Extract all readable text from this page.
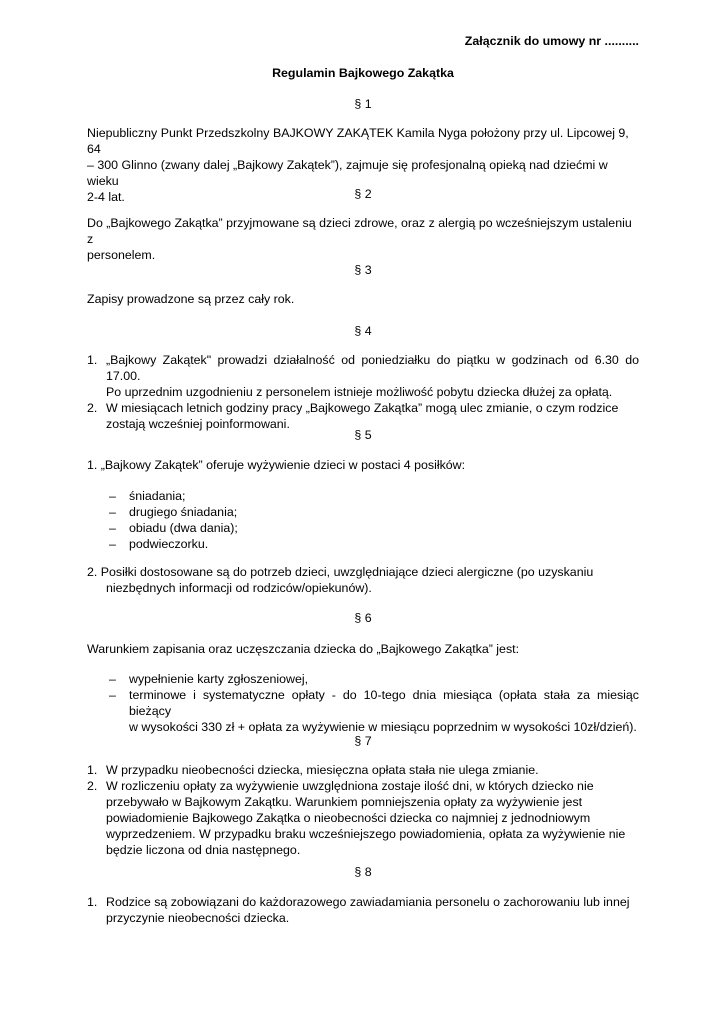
Załącznik do umowy nr ..........
Regulamin Bajkowego Zakątka
§ 1
Niepubliczny Punkt Przedszkolny BAJKOWY ZAKĄTEK Kamila Nyga położony przy ul. Lipcowej 9, 64
– 300 Glinno (zwany dalej „Bajkowy Zakątek”), zajmuje się profesjonalną opieką nad dziećmi w wieku
2-4 lat.	§ 2
Do „Bajkowego Zakątka” przyjmowane są dzieci zdrowe, oraz z alergią po wcześniejszym ustaleniu z
personelem.
§ 3
Zapisy prowadzone są przez cały rok.
§ 4
1. „Bajkowy Zakątek" prowadzi działalność od poniedziałku do piątku w godzinach od 6.30 do 17.00.
Po uprzednim uzgodnieniu z personelem istnieje możliwość pobytu dziecka dłużej za opłatą.
2. W miesiącach letnich godziny pracy „Bajkowego Zakątka” mogą ulec zmianie, o czym rodzice
zostają wcześniej poinformowani.
§ 5
1. „Bajkowy Zakątek” oferuje wyżywienie dzieci w postaci 4 posiłków:
– śniadania;
– drugiego śniadania;
– obiadu (dwa dania);
– podwieczorku.
2. Posiłki dostosowane są do potrzeb dzieci, uwzględniające dzieci alergiczne (po uzyskaniu
niezbędnych informacji od rodziców/opiekunów).
§ 6
Warunkiem zapisania oraz uczęszczania dziecka do „Bajkowego Zakątka” jest:
– wypełnienie karty zgłoszeniowej,
– terminowe i systematyczne opłaty - do 10-tego dnia miesiąca (opłata stała za miesiąc bieżący
w wysokości 330 zł + opłata za wyżywienie w miesiącu poprzednim w wysokości 10zł/dzień).
§ 7
1. W przypadku nieobecności dziecka, miesięczna opłata stała nie ulega zmianie.
2. W rozliczeniu opłaty za wyżywienie uwzględniona zostaje ilość dni, w których dziecko nie
przebywało w Bajkowym Zakątku. Warunkiem pomniejszenia opłaty za wyżywienie jest
powiadomienie Bajkowego Zakątka o nieobecności dziecka co najmniej z jednodniowym
wyprzedzeniem. W przypadku braku wcześniejszego powiadomienia, opłata za wyżywienie nie
będzie liczona od dnia następnego.
§ 8
1. Rodzice są zobowiązani do każdorazowego zawiadamiania personelu o zachorowaniu lub innej
przyczynie nieobecności dziecka.
